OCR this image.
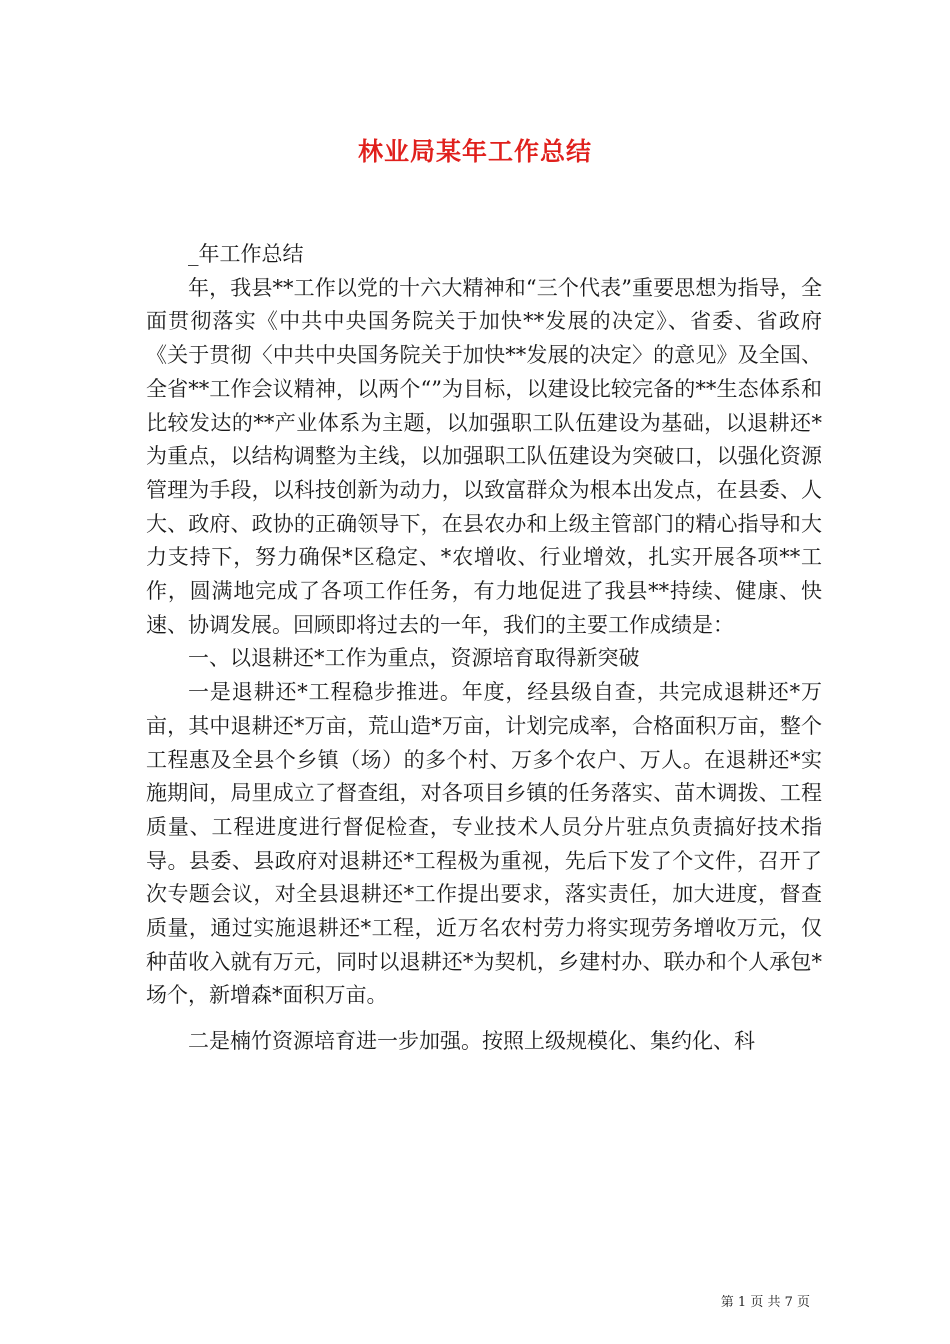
林业局某年工作总结

_年工作总结

年，我县**工作以党的十六大精神和“三个代表”重要思想为指导，全面贯彻落实《中共中央国务院关于加快**发展的决定》、省委、省政府《关于贯彻〈中共中央国务院关于加快**发展的决定〉的意见》及全国、全省**工作会议精神，以两个“”为目标，以建设比较完备的**生态体系和比较发达的**产业体系为主题，以加强职工队伍建设为基础，以退耕还*为重点，以结构调整为主线，以加强职工队伍建设为突破口，以强化资源管理为手段，以科技创新为动力，以致富群众为根本出发点，在县委、人大、政府、政协的正确领导下，在县农办和上级主管部门的精心指导和大力支持下，努力确保*区稳定、*农增收、行业增效，扎实开展各项**工作，圆满地完成了各项工作任务，有力地促进了我县**持续、健康、快速、协调发展。回顾即将过去的一年，我们的主要工作成绩是：

一、以退耕还*工作为重点，资源培育取得新突破

一是退耕还*工程稳步推进。年度，经县级自查，共完成退耕还*万亩，其中退耕还*万亩，荒山造*万亩，计划完成率，合格面积万亩，整个工程惠及全县个乡镇（场）的多个村、万多个农户、万人。在退耕还*实施期间，局里成立了督查组，对各项目乡镇的任务落实、苗木调拨、工程质量、工程进度进行督促检查，专业技术人员分片驻点负责搞好技术指导。县委、县政府对退耕还*工程极为重视，先后下发了个文件，召开了次专题会议，对全县退耕还*工作提出要求，落实责任，加大进度，督查质量，通过实施退耕还*工程，近万名农村劳力将实现劳务增收万元，仅种苗收入就有万元，同时以退耕还*为契机，乡建村办、联办和个人承包*场个，新增森*面积万亩。

二是楠竹资源培育进一步加强。按照上级规模化、集约化、科

第 1 页 共 7 页
